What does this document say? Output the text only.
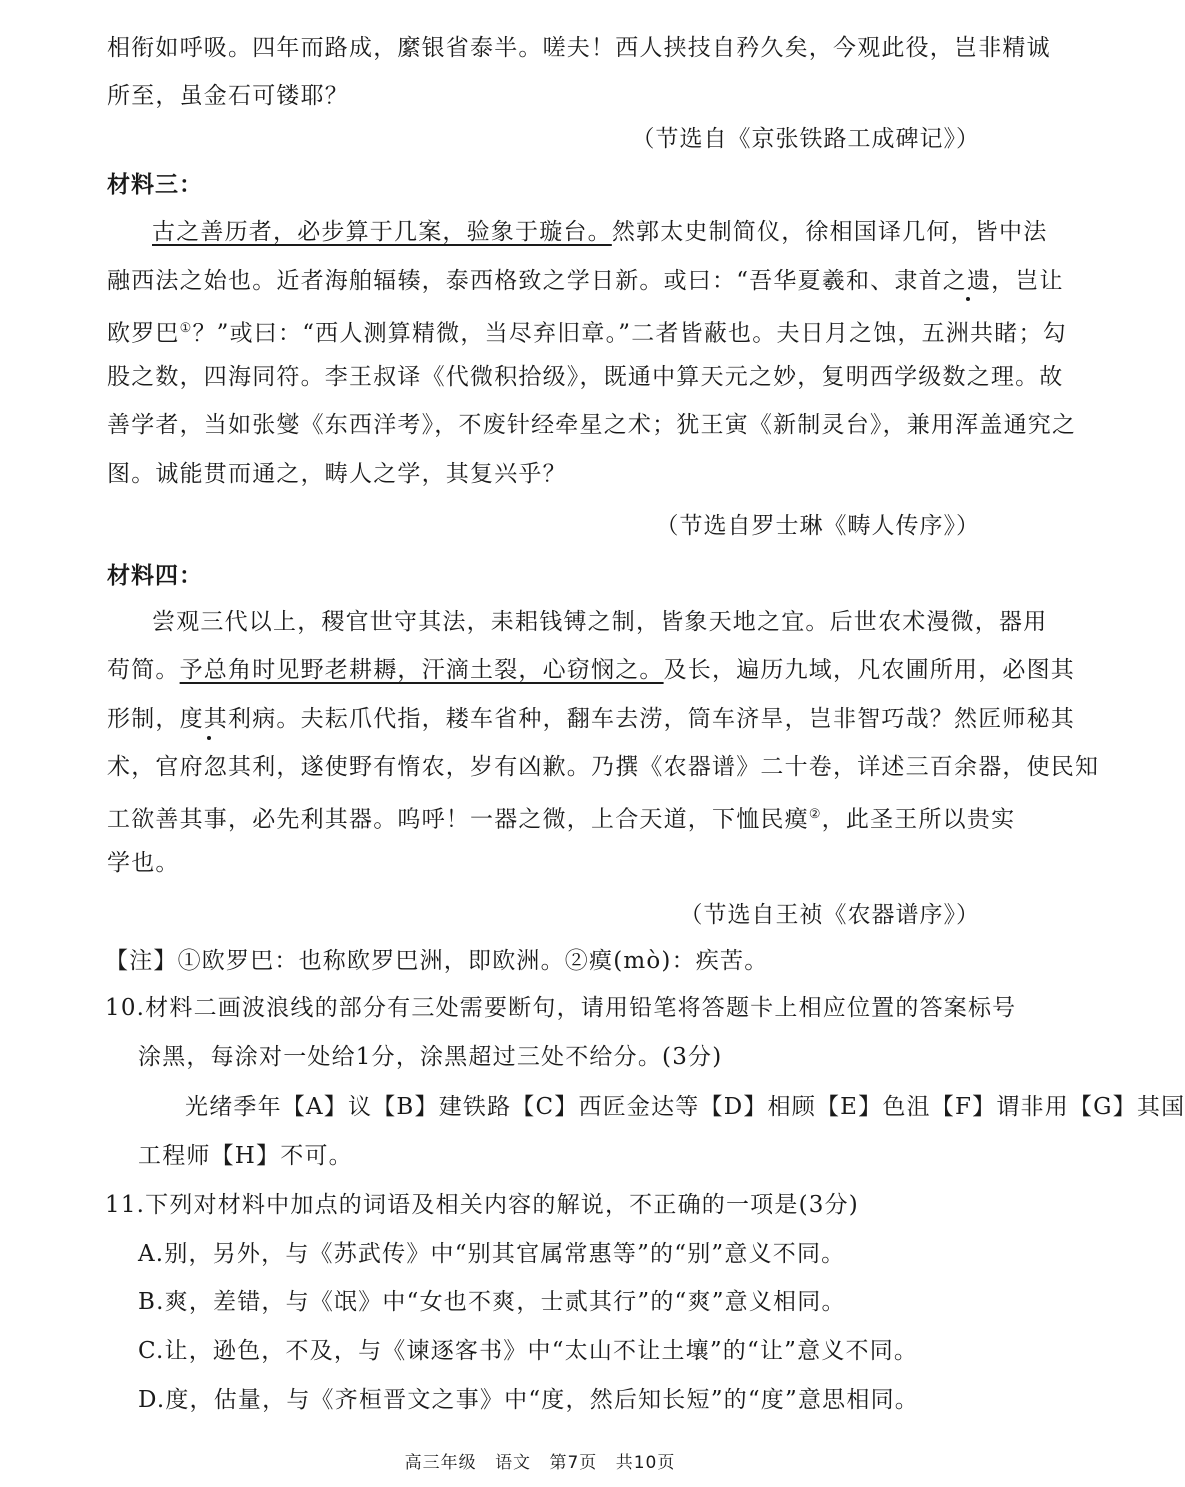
相衔如呼吸。四年而路成，縻银省泰半。嗟夫！西人挟技自矜久矣，今观此役，岂非精诚
所至，虽金石可镂耶？
（节选自《京张铁路工成碑记》）
材料三：
古之善历者，必步算于几案，验象于璇台。然郭太史制简仪，徐相国译几何，皆中法
融西法之始也。近者海舶辐辏，泰西格致之学日新。或曰：“吾华夏羲和、隶首之遗，岂让
欧罗巴①？”或曰：“西人测算精微，当尽弃旧章。”二者皆蔽也。夫日月之蚀，五洲共睹；勾
股之数，四海同符。李王叔译《代微积拾级》，既通中算天元之妙，复明西学级数之理。故
善学者，当如张燮《东西洋考》，不废针经牵星之术；犹王寅《新制灵台》，兼用浑盖通究之
图。诚能贯而通之，畴人之学，其复兴乎？
（节选自罗士琳《畴人传序》）
材料四：
尝观三代以上，稷官世守其法，耒耜钱镈之制，皆象天地之宜。后世农术漫微，器用
苟简。予总角时见野老耕耨，汗滴土裂，心窃悯之。及长，遍历九域，凡农圃所用，必图其
形制，度其利病。夫耘爪代指，耧车省种，翻车去涝，筒车济旱，岂非智巧哉？然匠师秘其
术，官府忽其利，遂使野有惰农，岁有凶歉。乃撰《农器谱》二十卷，详述三百余器，使民知
工欲善其事，必先利其器。呜呼！一器之微，上合天道，下恤民瘼②，此圣王所以贵实
学也。
（节选自王祯《农器谱序》）
【注】①欧罗巴：也称欧罗巴洲，即欧洲。②瘼(mò)：疾苦。
10.材料二画波浪线的部分有三处需要断句，请用铅笔将答题卡上相应位置的答案标号
涂黑，每涂对一处给1分，涂黑超过三处不给分。(3分)
光绪季年【A】议【B】建铁路【C】西匠金达等【D】相顾【E】色沮【F】谓非用【G】其国
工程师【H】不可。
11.下列对材料中加点的词语及相关内容的解说，不正确的一项是(3分)
A.别，另外，与《苏武传》中“别其官属常惠等”的“别”意义不同。
B.爽，差错，与《氓》中“女也不爽，士贰其行”的“爽”意义相同。
C.让，逊色，不及，与《谏逐客书》中“太山不让土壤”的“让”意义不同。
D.度，估量，与《齐桓晋文之事》中“度，然后知长短”的“度”意思相同。
高三年级 语文 第7页 共10页
